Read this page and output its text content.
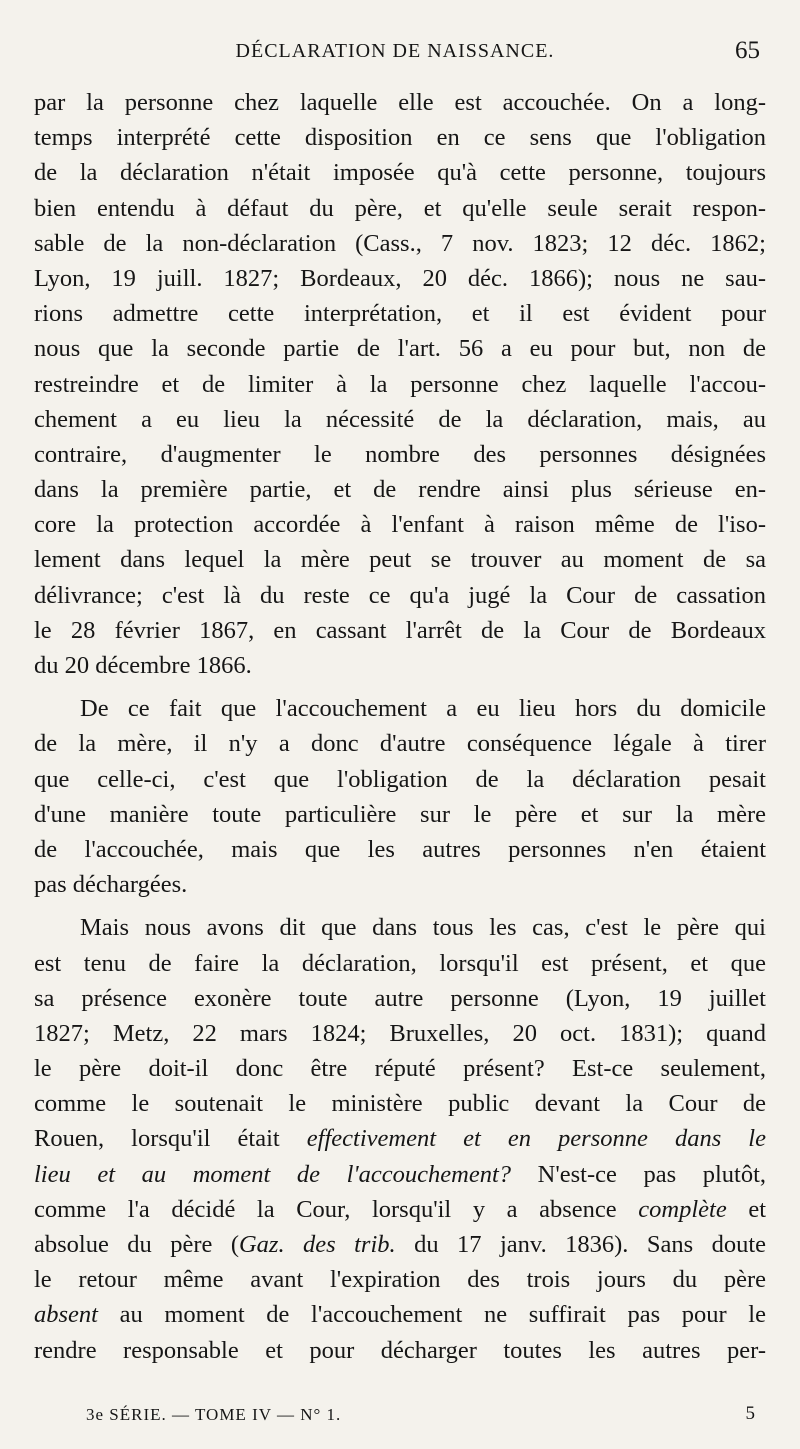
DÉCLARATION DE NAISSANCE.	65
par la personne chez laquelle elle est accouchée. On a long-
temps interprété cette disposition en ce sens que l'obligation
de la déclaration n'était imposée qu'à cette personne, toujours
bien entendu à défaut du père, et qu'elle seule serait respon-
sable de la non-déclaration (Cass., 7 nov. 1823; 12 déc. 1862;
Lyon, 19 juill. 1827; Bordeaux, 20 déc. 1866); nous ne sau-
rions admettre cette interprétation, et il est évident pour
nous que la seconde partie de l'art. 56 a eu pour but, non de
restreindre et de limiter à la personne chez laquelle l'accou-
chement a eu lieu la nécessité de la déclaration, mais, au
contraire, d'augmenter le nombre des personnes désignées
dans la première partie, et de rendre ainsi plus sérieuse en-
core la protection accordée à l'enfant à raison même de l'iso-
lement dans lequel la mère peut se trouver au moment de sa
délivrance; c'est là du reste ce qu'a jugé la Cour de cassation
le 28 février 1867, en cassant l'arrêt de la Cour de Bordeaux
du 20 décembre 1866.
De ce fait que l'accouchement a eu lieu hors du domicile
de la mère, il n'y a donc d'autre conséquence légale à tirer
que celle-ci, c'est que l'obligation de la déclaration pesait
d'une manière toute particulière sur le père et sur la mère
de l'accouchée, mais que les autres personnes n'en étaient
pas déchargées.
Mais nous avons dit que dans tous les cas, c'est le père qui
est tenu de faire la déclaration, lorsqu'il est présent, et que
sa présence exonère toute autre personne (Lyon, 19 juillet
1827; Metz, 22 mars 1824; Bruxelles, 20 oct. 1831); quand
le père doit-il donc être réputé présent? Est-ce seulement,
comme le soutenait le ministère public devant la Cour de
Rouen, lorsqu'il était effectivement et en personne dans le
lieu et au moment de l'accouchement? N'est-ce pas plutôt,
comme l'a décidé la Cour, lorsqu'il y a absence complète et
absolue du père (Gaz. des trib. du 17 janv. 1836). Sans doute
le retour même avant l'expiration des trois jours du père
absent au moment de l'accouchement ne suffirait pas pour le
rendre responsable et pour décharger toutes les autres per-
3e SÉRIE. — TOME IV — N° 1.	5
